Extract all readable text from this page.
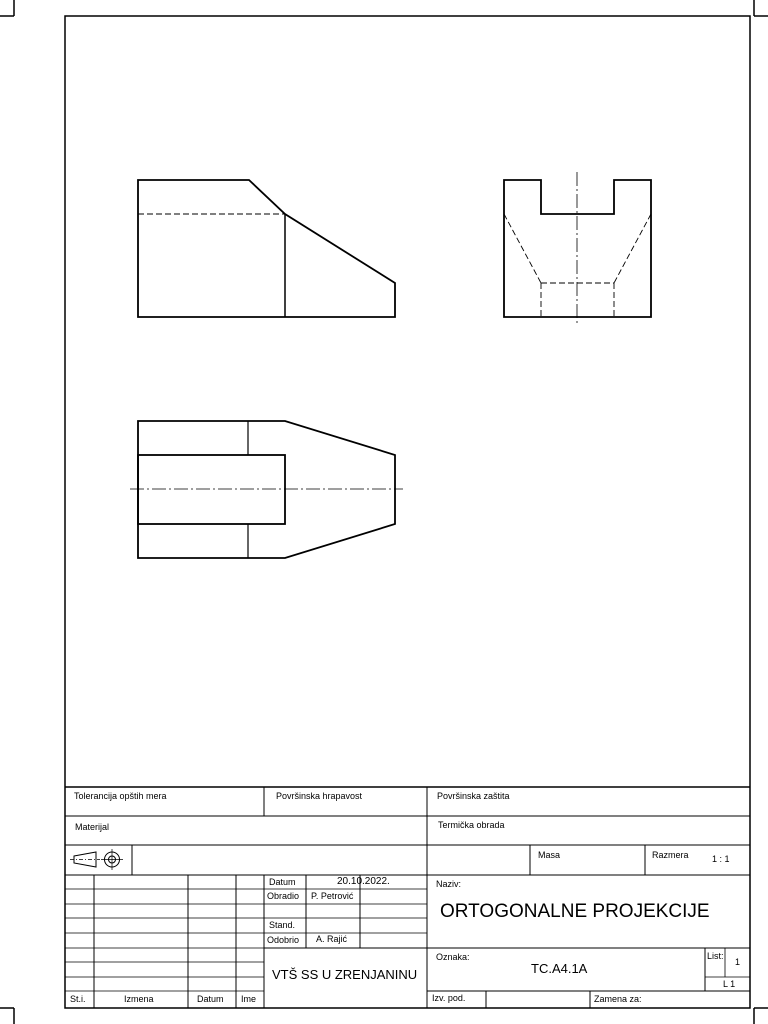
Tolerancija opštih mera	Površinska hrapavost	Površinska zaštita
Materijal	Termička obrada
Masa	Razmera	1 : 1
Datum	20.10.2022.
Obradio P. Petrović
Stand.
Odobrio A. Rajić
Naziv:
ORTOGONALNE PROJEKCIJE
Oznaka:
TC.A4.1A
List:
1
L 1
VTŠ SS U ZRENJANINU
St.i.	Izmena	Datum Ime	Izv. pod.	Zamena za:
